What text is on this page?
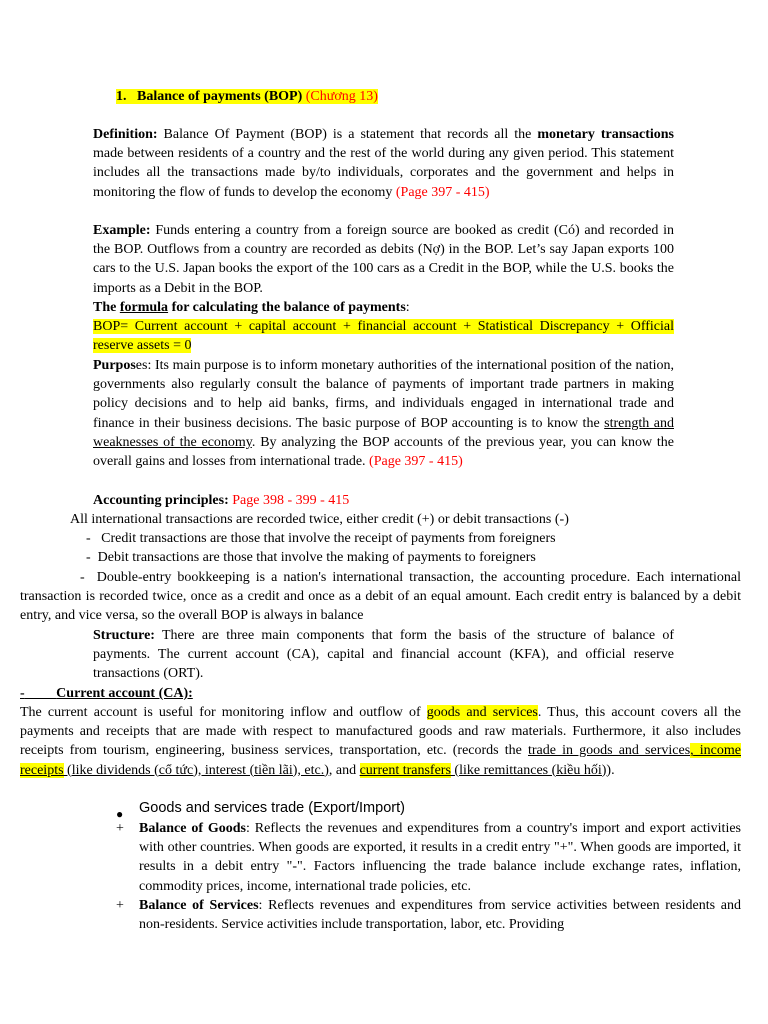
1. Balance of payments (BOP) (Chương 13)

Definition: Balance Of Payment (BOP) is a statement that records all the monetary transactions made between residents of a country and the rest of the world during any given period. This statement includes all the transactions made by/to individuals, corporates and the government and helps in monitoring the flow of funds to develop the economy (Page 397 - 415)

Example: Funds entering a country from a foreign source are booked as credit (Có) and recorded in the BOP. Outflows from a country are recorded as debits (Nợ) in the BOP. Let’s say Japan exports 100 cars to the U.S. Japan books the export of the 100 cars as a Credit in the BOP, while the U.S. books the imports as a Debit in the BOP.

The formula for calculating the balance of payments:

BOP= Current account + capital account + financial account + Statistical Discrepancy + Official reserve assets = 0

Purposes: Its main purpose is to inform monetary authorities of the international position of the nation, governments also regularly consult the balance of payments of important trade partners in making policy decisions and to help aid banks, firms, and individuals engaged in international trade and finance in their business decisions. The basic purpose of BOP accounting is to know the strength and weaknesses of the economy. By analyzing the BOP accounts of the previous year, you can know the overall gains and losses from international trade. (Page 397 - 415)

Accounting principles: Page 398 - 399 - 415

All international transactions are recorded twice, either credit (+) or debit transactions (-)

- Credit transactions are those that involve the receipt of payments from foreigners

- Debit transactions are those that involve the making of payments to foreigners

- Double-entry bookkeeping is a nation's international transaction, the accounting procedure. Each international transaction is recorded twice, once as a credit and once as a debit of an equal amount. Each credit entry is balanced by a debit entry, and vice versa, so the overall BOP is always in balance

Structure: There are three main components that form the basis of the structure of balance of payments. The current account (CA), capital and financial account (KFA), and official reserve transactions (ORT).

- Current account (CA):

The current account is useful for monitoring inflow and outflow of goods and services. Thus, this account covers all the payments and receipts that are made with respect to manufactured goods and raw materials. Furthermore, it also includes receipts from tourism, engineering, business services, transportation, etc. (records the trade in goods and services, income receipts (like dividends (cổ tức), interest (tiền lãi), etc.), and current transfers (like remittances (kiều hối)).

● Goods and services trade (Export/Import)

+ Balance of Goods: Reflects the revenues and expenditures from a country's import and export activities with other countries. When goods are exported, it results in a credit entry "+". When goods are imported, it results in a debit entry "-". Factors influencing the trade balance include exchange rates, inflation, commodity prices, income, international trade policies, etc.

+ Balance of Services: Reflects revenues and expenditures from service activities between residents and non-residents. Service activities include transportation, labor, etc. Providing
